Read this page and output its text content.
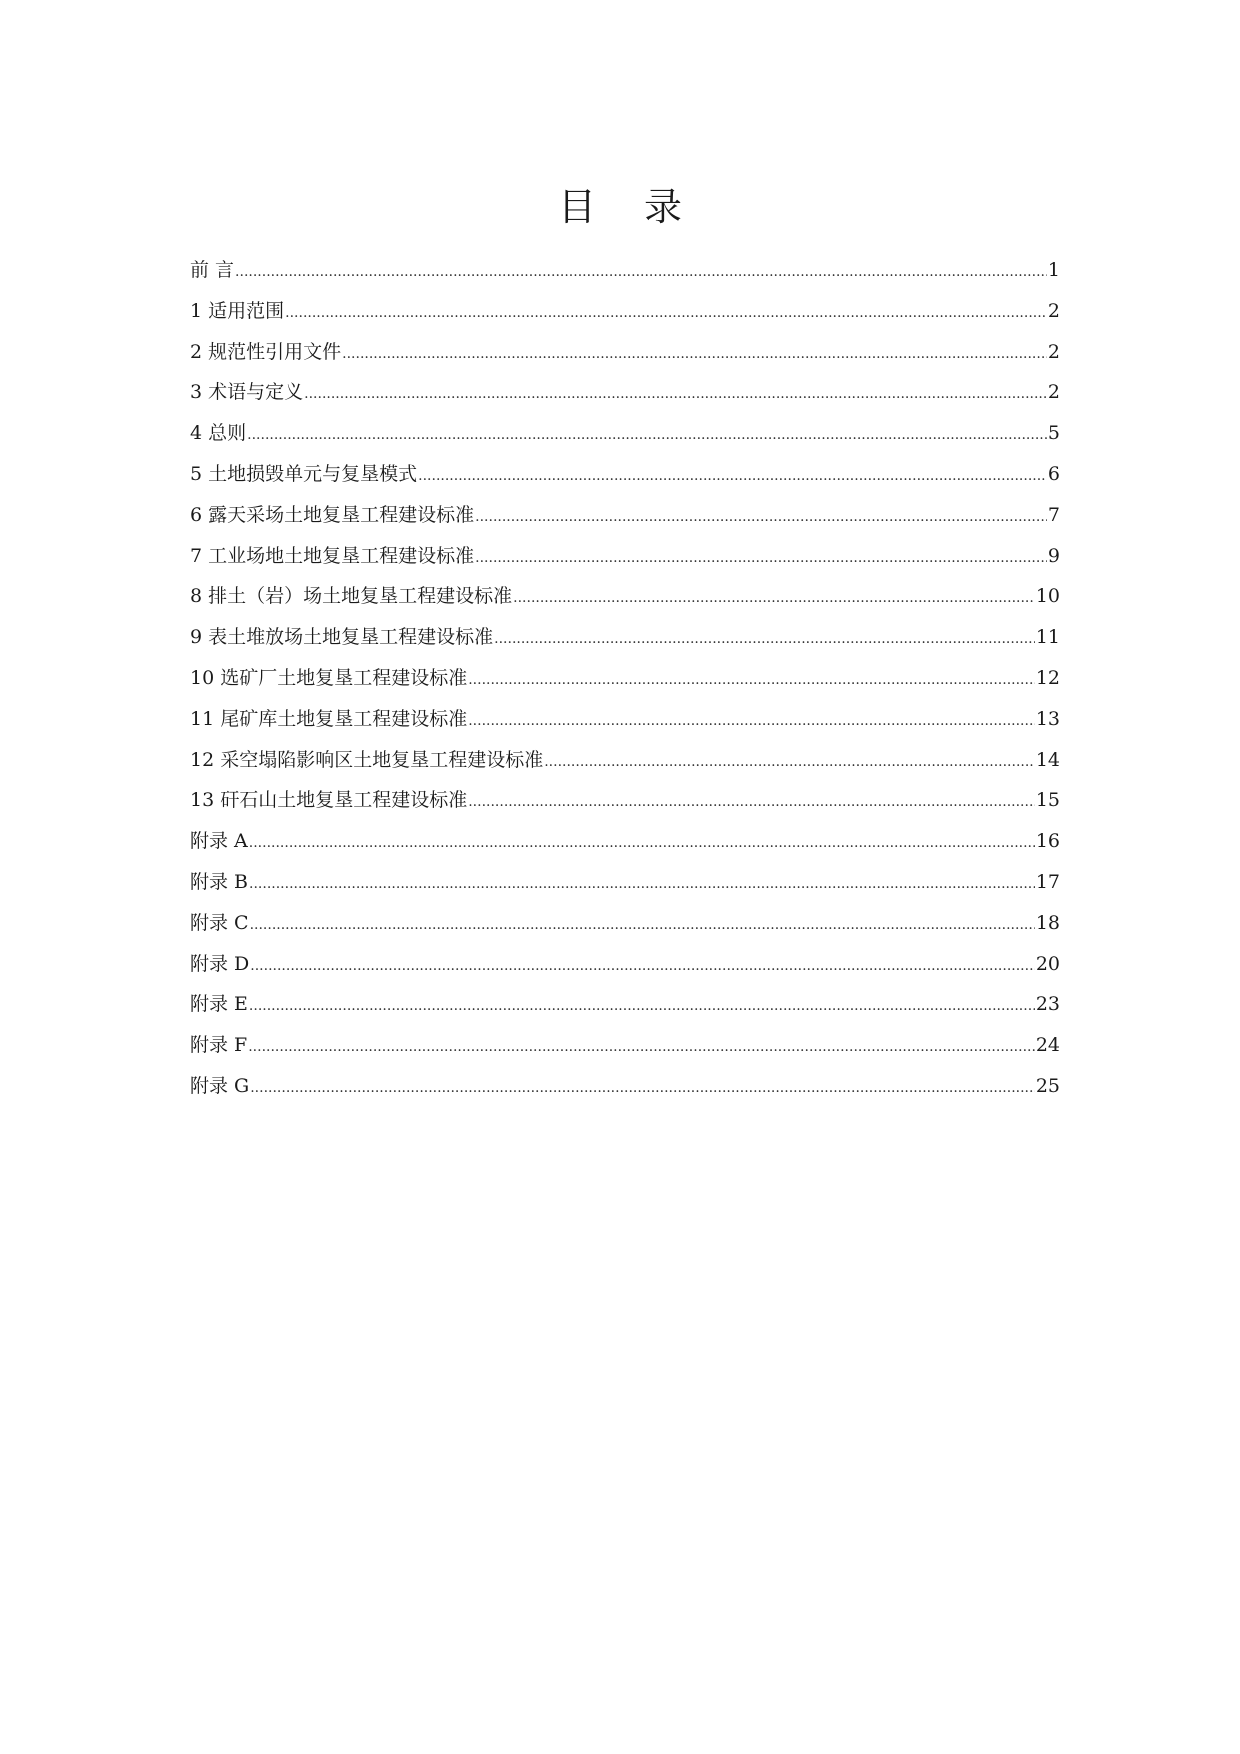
目 录
前 言 .....	1
1 适用范围 .....	2
2 规范性引用文件 .....	2
3 术语与定义 .....	2
4 总则 .....	5
5 土地损毁单元与复垦模式 .....	6
6 露天采场土地复垦工程建设标准 .....	7
7 工业场地土地复垦工程建设标准 .....	9
8 排土（岩）场土地复垦工程建设标准 .....	10
9 表土堆放场土地复垦工程建设标准 .....	11
10 选矿厂土地复垦工程建设标准 .....	12
11 尾矿库土地复垦工程建设标准 .....	13
12 采空塌陷影响区土地复垦工程建设标准 .....	14
13 矸石山土地复垦工程建设标准 .....	15
附录 A .....	16
附录 B .....	17
附录 C .....	18
附录 D .....	20
附录 E .....	23
附录 F .....	24
附录 G .....	25
